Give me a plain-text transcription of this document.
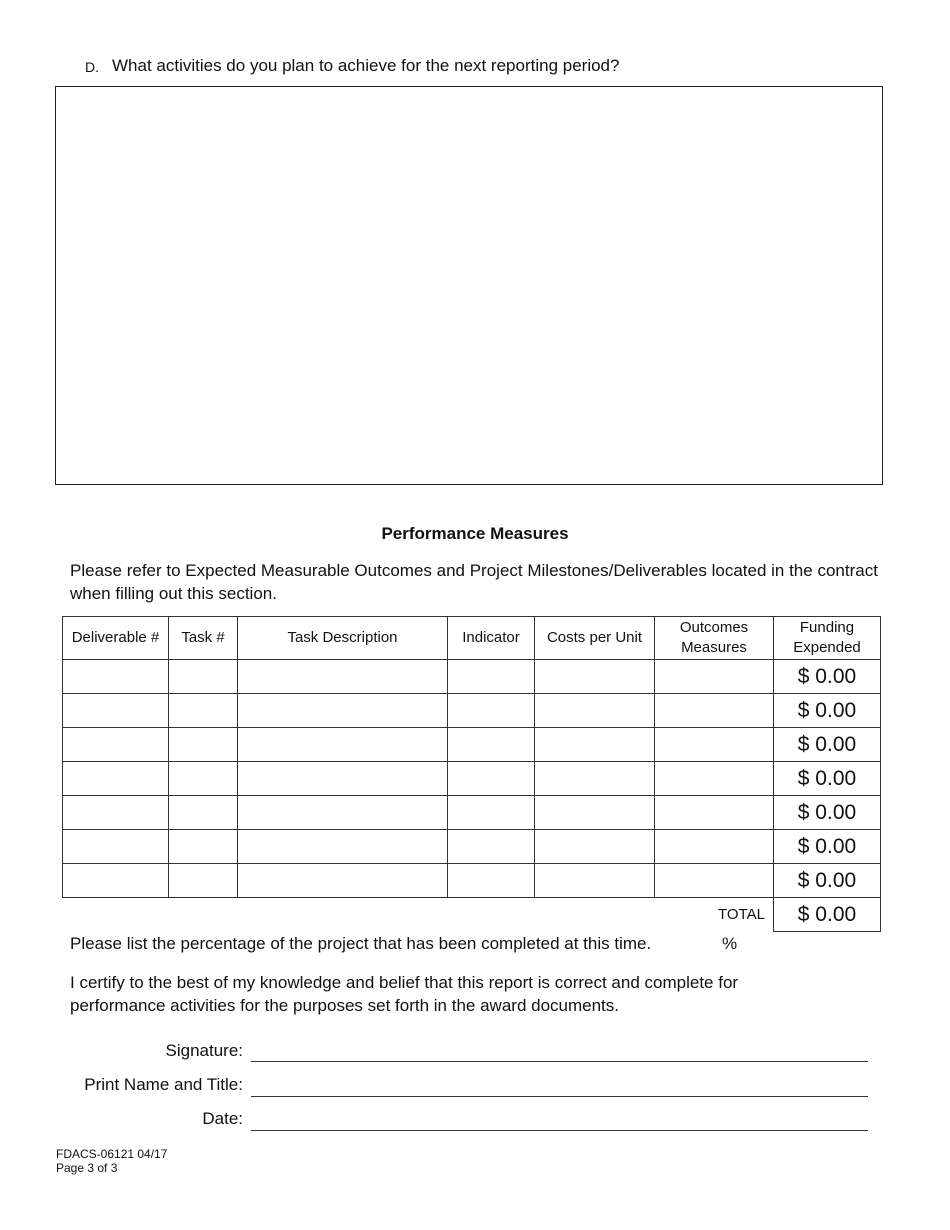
D. What activities do you plan to achieve for the next reporting period?
Performance Measures
Please refer to Expected Measurable Outcomes and Project Milestones/Deliverables located in the contract when filling out this section.
Deliverable #	Task #	Task Description	Indicator	Costs per Unit	Outcomes Measures	Funding Expended
						$ 0.00
						$ 0.00
						$ 0.00
						$ 0.00
						$ 0.00
						$ 0.00
						$ 0.00
					TOTAL	$ 0.00
Please list the percentage of the project that has been completed at this time.	%
I certify to the best of my knowledge and belief that this report is correct and complete for performance activities for the purposes set forth in the award documents.
Signature:
Print Name and Title:
Date:
FDACS-06121 04/17
Page 3 of 3
